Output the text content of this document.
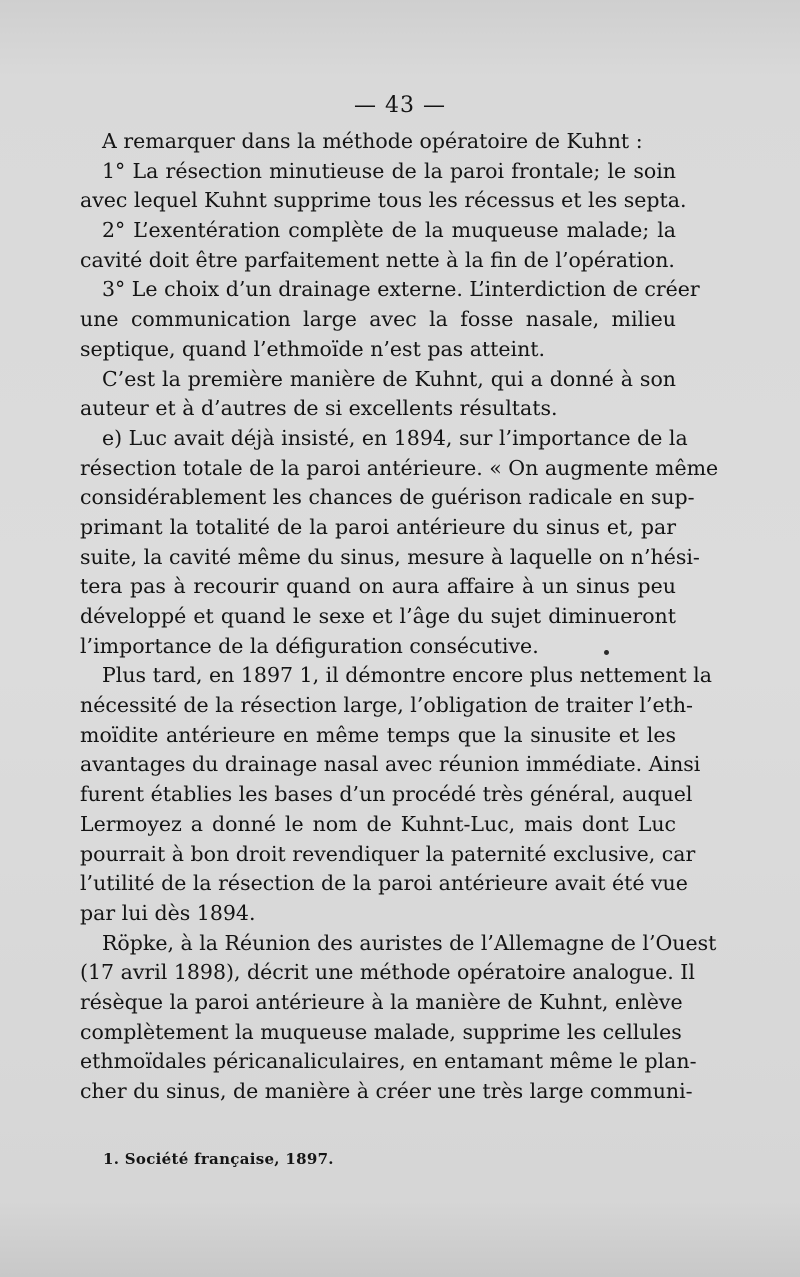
— 43 —
A remarquer dans la méthode opératoire de Kuhnt :
1° La résection minutieuse de la paroi frontale; le soin
avec lequel Kuhnt supprime tous les récessus et les septa.
2° L’exentération complète de la muqueuse malade; la
cavité doit être parfaitement nette à la fin de l’opération.
3° Le choix d’un drainage externe. L’interdiction de créer
une communication large avec la fosse nasale, milieu
septique, quand l’ethmoïde n’est pas atteint.
C’est la première manière de Kuhnt, qui a donné à son
auteur et à d’autres de si excellents résultats.
e) Luc avait déjà insisté, en 1894, sur l’importance de la
résection totale de la paroi antérieure. « On augmente même
considérablement les chances de guérison radicale en sup-
primant la totalité de la paroi antérieure du sinus et, par
suite, la cavité même du sinus, mesure à laquelle on n’hési-
tera pas à recourir quand on aura affaire à un sinus peu
développé et quand le sexe et l’âge du sujet diminueront
l’importance de la défiguration consécutive.
Plus tard, en 1897 1, il démontre encore plus nettement la
nécessité de la résection large, l’obligation de traiter l’eth-
moïdite antérieure en même temps que la sinusite et les
avantages du drainage nasal avec réunion immédiate. Ainsi
furent établies les bases d’un procédé très général, auquel
Lermoyez a donné le nom de Kuhnt-Luc, mais dont Luc
pourrait à bon droit revendiquer la paternité exclusive, car
l’utilité de la résection de la paroi antérieure avait été vue
par lui dès 1894.
Röpke, à la Réunion des auristes de l’Allemagne de l’Ouest
(17 avril 1898), décrit une méthode opératoire analogue. Il
résèque la paroi antérieure à la manière de Kuhnt, enlève
complètement la muqueuse malade, supprime les cellules
ethmoïdales péricanaliculaires, en entamant même le plan-
cher du sinus, de manière à créer une très large communi-
1. Société française, 1897.
